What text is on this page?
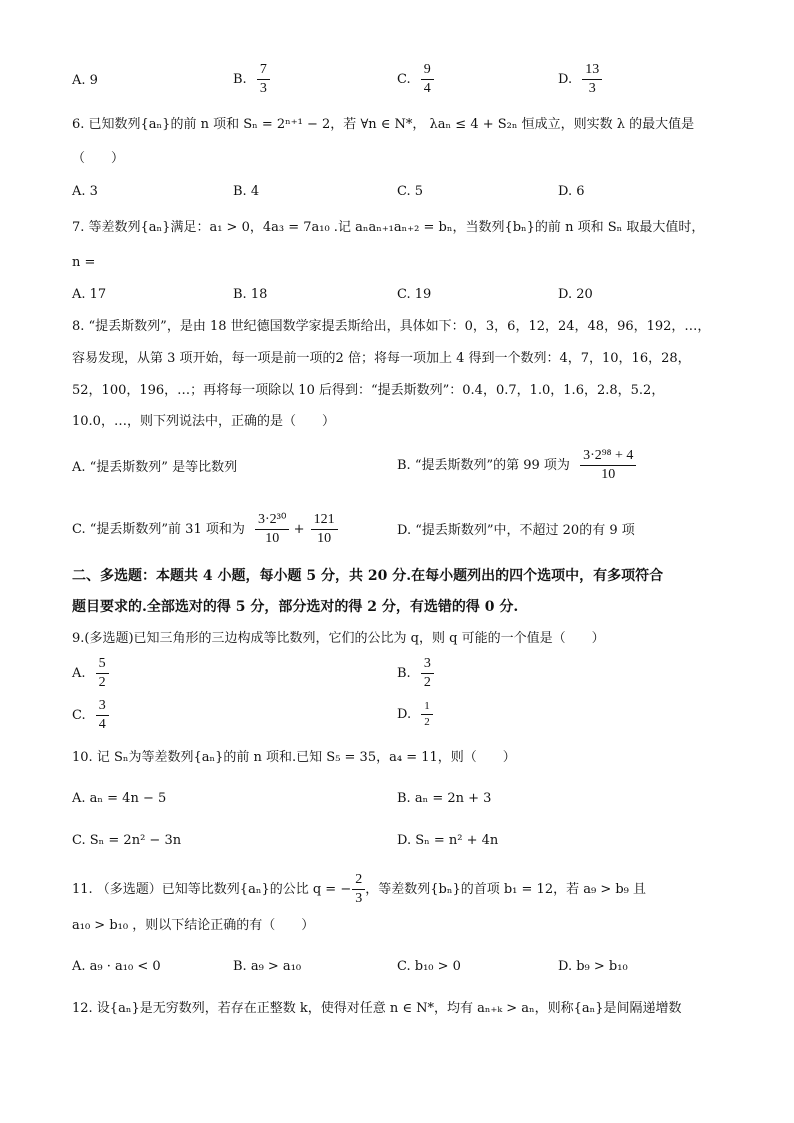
A. 9	B. $\frac{7}{3}$	C. $\frac{9}{4}$	D. $\frac{13}{3}$
6. 已知数列{aₙ}的前 n 项和 Sₙ = 2ⁿ⁺¹ − 2，若 ∀n ∈ N*， λaₙ ≤ 4 + S₂ₙ 恒成立，则实数 λ 的最大值是
（　　）
A. 3	B. 4	C. 5	D. 6
7. 等差数列{aₙ}满足：a₁ > 0，4a₃ = 7a₁₀ .记 aₙaₙ₊₁aₙ₊₂ = bₙ，当数列{bₙ}的前 n 项和 Sₙ 取最大值时，
n =
A. 17	B. 18	C. 19	D. 20
8. “提丢斯数列”，是由 18 世纪德国数学家提丢斯给出，具体如下：0，3，6，12，24，48，96，192，…，
容易发现，从第 3 项开始，每一项是前一项的2 倍；将每一项加上 4 得到一个数列：4，7，10，16，28，
52，100，196，…；再将每一项除以 10 后得到：“提丢斯数列”：0.4，0.7，1.0，1.6，2.8，5.2，
10.0，…，则下列说法中，正确的是（　　）
A. “提丢斯数列” 是等比数列	B. “提丢斯数列”的第 99 项为 $\frac{\text{3·2⁹⁸ + 4}}{10}$
C. “提丢斯数列”前 31 项和为 $\frac{\text{3·2³⁰}}{10} + \frac{121}{10}$	D. “提丢斯数列”中，不超过 20的有 9 项
二、多选题：本题共 4 小题，每小题 5 分，共 20 分.在每小题列出的四个选项中，有多项符合
题目要求的.全部选对的得 5 分，部分选对的得 2 分，有选错的得 0 分.
9.(多选题)已知三角形的三边构成等比数列，它们的公比为 q，则 q 可能的一个值是（　　）
A. $\frac{5}{2}$	B. $\frac{3}{2}$
C. $\frac{3}{4}$	D. $\frac{1}{2}$
10. 记 Sₙ为等差数列{aₙ}的前 n 项和.已知 S₅ = 35，a₄ = 11，则（　　）
A. aₙ = 4n − 5	B. aₙ = 2n + 3
C. Sₙ = 2n² − 3n	D. Sₙ = n² + 4n
11. （多选题）已知等比数列{aₙ}的公比 q = − $\frac{2}{3}$ ，等差数列{bₙ}的首项 b₁ = 12，若 a₉ > b₉ 且
a₁₀ > b₁₀ ，则以下结论正确的有（　　）
A. a₉ · a₁₀ < 0	B. a₉ > a₁₀	C. b₁₀ > 0	D. b₉ > b₁₀
12. 设{aₙ}是无穷数列，若存在正整数 k，使得对任意 n ∈ N*，均有 aₙ₊ₖ > aₙ，则称{aₙ}是间隔递增数
